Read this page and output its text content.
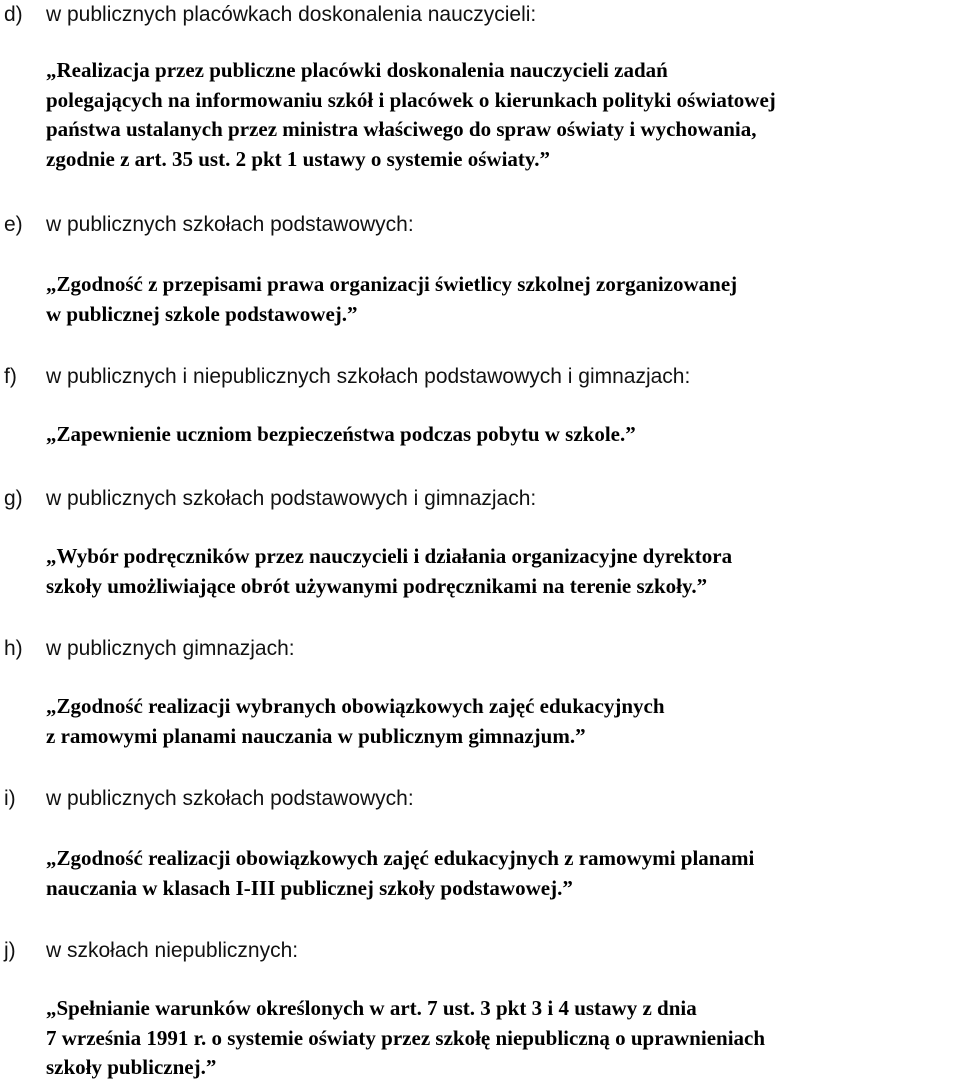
d) w publicznych placówkach doskonalenia nauczycieli:
„Realizacja przez publiczne placówki doskonalenia nauczycieli zadań
polegających na informowaniu szkół i placówek o kierunkach polityki oświatowej
państwa ustalanych przez ministra właściwego do spraw oświaty i wychowania,
zgodnie z art. 35 ust. 2 pkt 1 ustawy o systemie oświaty.”
e) w publicznych szkołach podstawowych:
„Zgodność z przepisami prawa organizacji świetlicy szkolnej zorganizowanej
w publicznej szkole podstawowej.”
f) w publicznych i niepublicznych szkołach podstawowych i gimnazjach:
„Zapewnienie uczniom bezpieczeństwa podczas pobytu w szkole.”
g) w publicznych szkołach podstawowych i gimnazjach:
„Wybór podręczników przez nauczycieli i działania organizacyjne dyrektora
szkoły umożliwiające obrót używanymi podręcznikami na terenie szkoły.”
h) w publicznych gimnazjach:
„Zgodność realizacji wybranych obowiązkowych zajęć edukacyjnych
z ramowymi planami nauczania w publicznym gimnazjum.”
i) w publicznych szkołach podstawowych:
„Zgodność realizacji obowiązkowych zajęć edukacyjnych z ramowymi planami
nauczania w klasach I-III publicznej szkoły podstawowej.”
j) w szkołach niepublicznych:
„Spełnianie warunków określonych w art. 7 ust. 3 pkt 3 i 4 ustawy z dnia
7 września 1991 r. o systemie oświaty przez szkołę niepubliczną o uprawnieniach
szkoły publicznej.”
